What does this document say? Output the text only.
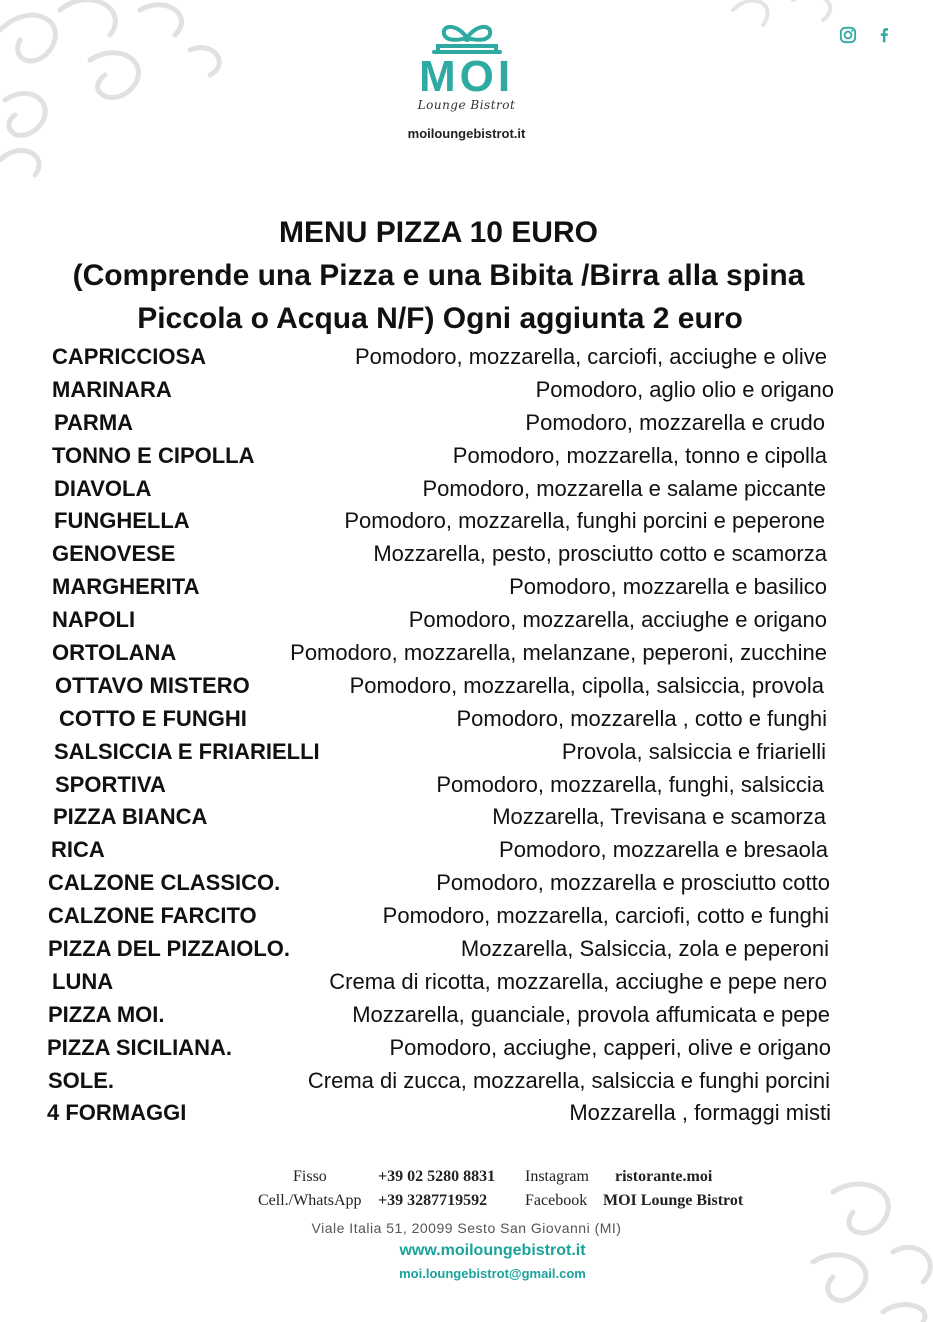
MOI
Lounge Bistrot
moiloungebistrot.it
MENU PIZZA 10 EURO
(Comprende una Pizza e una Bibita /Birra alla spina
Piccola o Acqua N/F) Ogni aggiunta 2 euro
CAPRICCIOSA	Pomodoro, mozzarella, carciofi, acciughe e olive
MARINARA	Pomodoro, aglio olio e origano
PARMA	Pomodoro, mozzarella e crudo
TONNO E CIPOLLA	Pomodoro, mozzarella, tonno e cipolla
DIAVOLA	Pomodoro, mozzarella e salame piccante
FUNGHELLA	Pomodoro, mozzarella, funghi porcini e peperone
GENOVESE	Mozzarella, pesto, prosciutto cotto e scamorza
MARGHERITA	Pomodoro, mozzarella e basilico
NAPOLI	Pomodoro, mozzarella, acciughe e origano
ORTOLANA	Pomodoro, mozzarella, melanzane, peperoni, zucchine
OTTAVO MISTERO	Pomodoro, mozzarella, cipolla, salsiccia, provola
COTTO E FUNGHI	Pomodoro, mozzarella , cotto e funghi
SALSICCIA E FRIARIELLI	Provola, salsiccia e friarielli
SPORTIVA	Pomodoro, mozzarella, funghi, salsiccia
PIZZA BIANCA	Mozzarella, Trevisana e scamorza
RICA	Pomodoro, mozzarella e bresaola
CALZONE CLASSICO.	Pomodoro, mozzarella e prosciutto cotto
CALZONE FARCITO	Pomodoro, mozzarella, carciofi, cotto e funghi
PIZZA DEL PIZZAIOLO.	Mozzarella, Salsiccia, zola e peperoni
LUNA	Crema di ricotta, mozzarella, acciughe e pepe nero
PIZZA MOI.	Mozzarella, guanciale, provola affumicata e pepe
PIZZA SICILIANA.	Pomodoro, acciughe, capperi, olive e origano
SOLE.	Crema di zucca, mozzarella, salsiccia e funghi porcini
4 FORMAGGI	Mozzarella , formaggi misti
Fisso	+39 02 5280 8831 Instagram ristorante.moi
Cell./WhatsApp +39 3287719592 Facebook MOI Lounge Bistrot
Viale Italia 51, 20099 Sesto San Giovanni (MI)
www.moiloungebistrot.it
moi.loungebistrot@gmail.com
